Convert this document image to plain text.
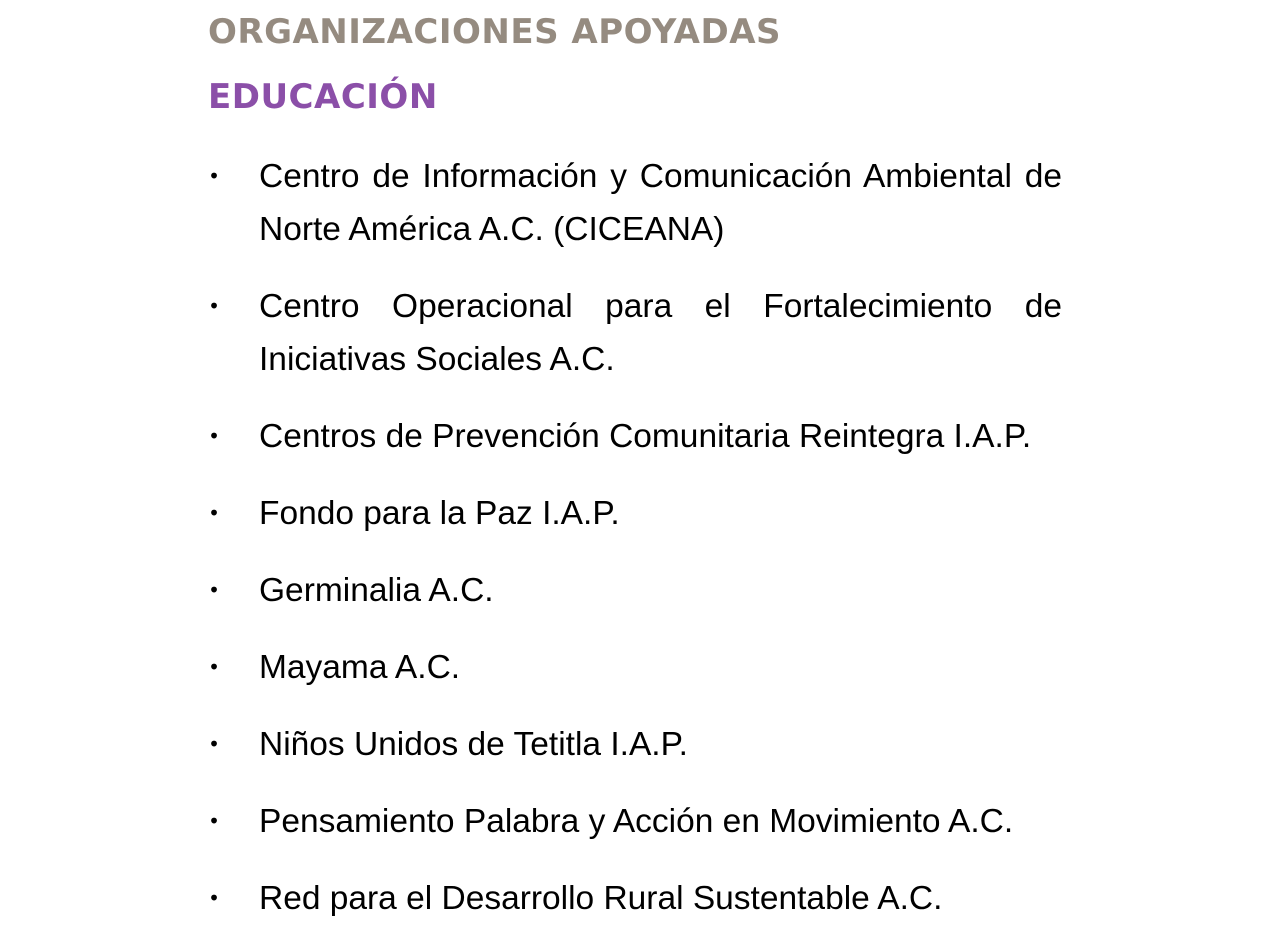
ORGANIZACIONES APOYADAS
EDUCACIÓN
• Centro de Información y Comunicación Ambiental de Norte América A.C. (CICEANA)
• Centro Operacional para el Fortalecimiento de Iniciativas Sociales A.C.
• Centros de Prevención Comunitaria Reintegra I.A.P.
• Fondo para la Paz I.A.P.
• Germinalia A.C.
• Mayama A.C.
• Niños Unidos de Tetitla I.A.P.
• Pensamiento Palabra y Acción en Movimiento A.C.
• Red para el Desarrollo Rural Sustentable A.C.
